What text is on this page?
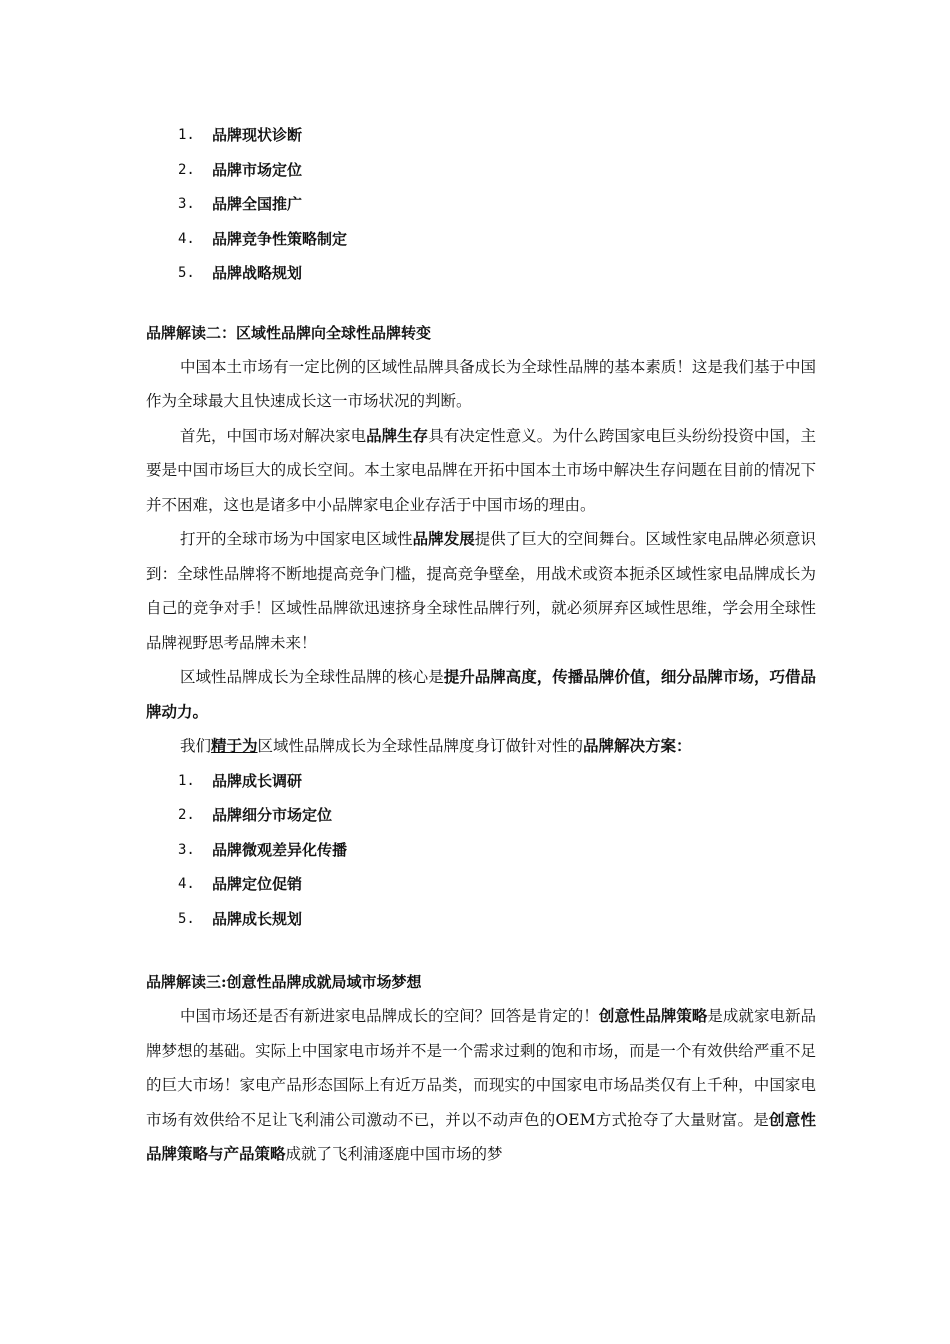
1. 品牌现状诊断
2. 品牌市场定位
3. 品牌全国推广
4. 品牌竞争性策略制定
5. 品牌战略规划
品牌解读二：区域性品牌向全球性品牌转变

中国本土市场有一定比例的区域性品牌具备成长为全球性品牌的基本素质！这是我们基于中国作为全球最大且快速成长这一市场状况的判断。

首先，中国市场对解决家电品牌生存具有决定性意义。为什么跨国家电巨头纷纷投资中国，主要是中国市场巨大的成长空间。本土家电品牌在开拓中国本土市场中解决生存问题在目前的情况下并不困难，这也是诸多中小品牌家电企业存活于中国市场的理由。

打开的全球市场为中国家电区域性品牌发展提供了巨大的空间舞台。区域性家电品牌必须意识到：全球性品牌将不断地提高竞争门槛，提高竞争壁垒，用战术或资本扼杀区域性家电品牌成长为自己的竞争对手！区域性品牌欲迅速挤身全球性品牌行列，就必须屏弃区域性思维，学会用全球性品牌视野思考品牌未来！

区域性品牌成长为全球性品牌的核心是提升品牌高度，传播品牌价值，细分品牌市场，巧借品牌动力。

我们精于为区域性品牌成长为全球性品牌度身订做针对性的品牌解决方案：

1. 品牌成长调研
2. 品牌细分市场定位
3. 品牌微观差异化传播
4. 品牌定位促销
5. 品牌成长规划
品牌解读三:创意性品牌成就局域市场梦想

中国市场还是否有新进家电品牌成长的空间？回答是肯定的！创意性品牌策略是成就家电新品牌梦想的基础。实际上中国家电市场并不是一个需求过剩的饱和市场，而是一个有效供给严重不足的巨大市场！家电产品形态国际上有近万品类，而现实的中国家电市场品类仅有上千种，中国家电市场有效供给不足让飞利浦公司激动不已，并以不动声色的OEM方式抢夺了大量财富。是创意性品牌策略与产品策略成就了飞利浦逐鹿中国市场的梦
